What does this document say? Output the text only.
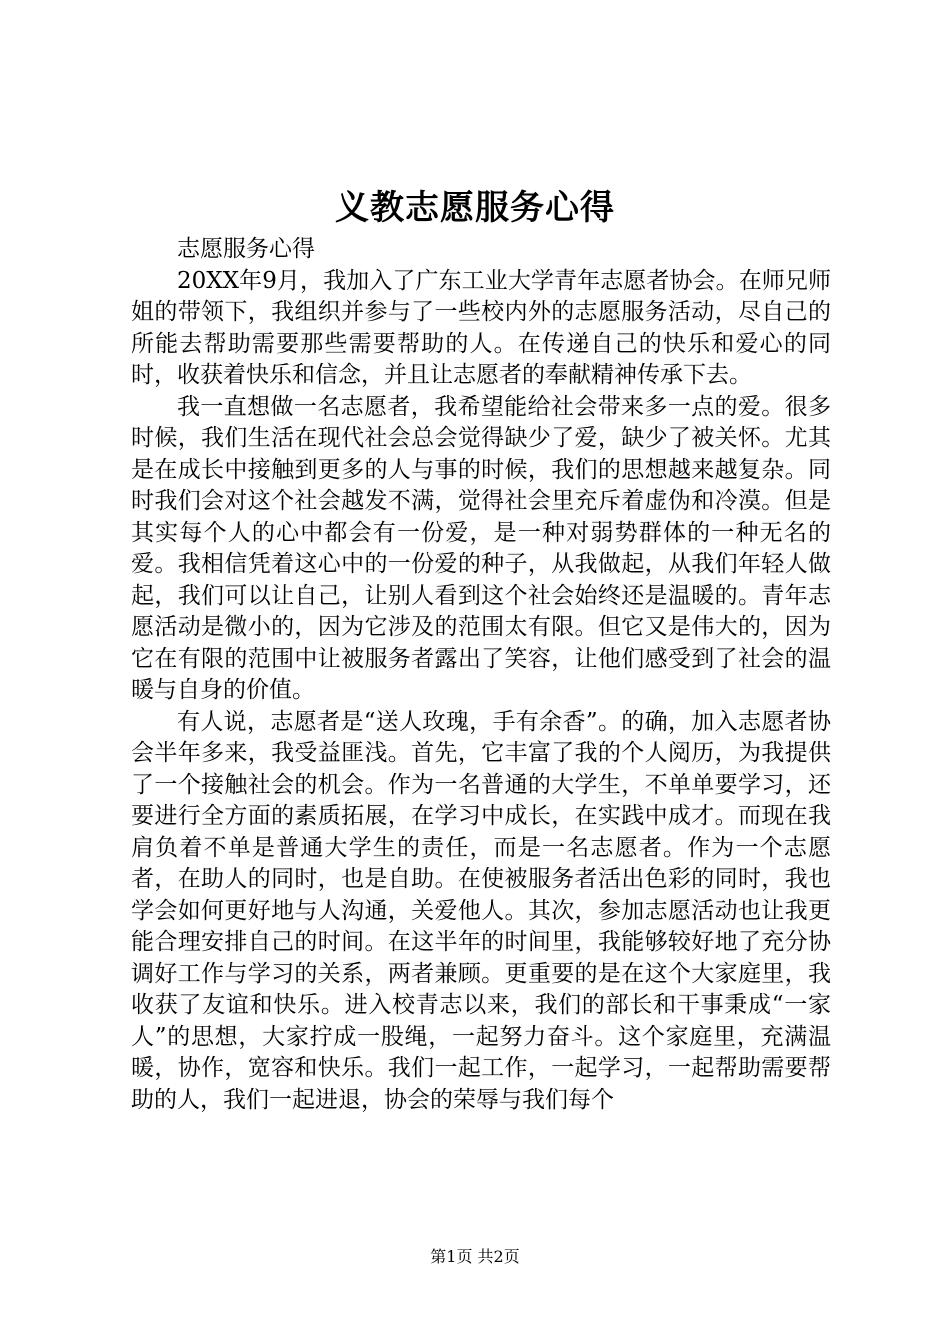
义教志愿服务心得

志愿服务心得

20XX年9月，我加入了广东工业大学青年志愿者协会。在师兄师姐的带领下，我组织并参与了一些校内外的志愿服务活动，尽自己的所能去帮助需要那些需要帮助的人。在传递自己的快乐和爱心的同时，收获着快乐和信念，并且让志愿者的奉献精神传承下去。

我一直想做一名志愿者，我希望能给社会带来多一点的爱。很多时候，我们生活在现代社会总会觉得缺少了爱，缺少了被关怀。尤其是在成长中接触到更多的人与事的时候，我们的思想越来越复杂。同时我们会对这个社会越发不满，觉得社会里充斥着虚伪和冷漠。但是其实每个人的心中都会有一份爱，是一种对弱势群体的一种无名的爱。我相信凭着这心中的一份爱的种子，从我做起，从我们年轻人做起，我们可以让自己，让别人看到这个社会始终还是温暖的。青年志愿活动是微小的，因为它涉及的范围太有限。但它又是伟大的，因为它在有限的范围中让被服务者露出了笑容，让他们感受到了社会的温暖与自身的价值。

有人说，志愿者是“送人玫瑰，手有余香”。的确，加入志愿者协会半年多来，我受益匪浅。首先，它丰富了我的个人阅历，为我提供了一个接触社会的机会。作为一名普通的大学生，不单单要学习，还要进行全方面的素质拓展，在学习中成长，在实践中成才。而现在我肩负着不单是普通大学生的责任，而是一名志愿者。作为一个志愿者，在助人的同时，也是自助。在使被服务者活出色彩的同时，我也学会如何更好地与人沟通，关爱他人。其次，参加志愿活动也让我更能合理安排自己的时间。在这半年的时间里，我能够较好地了充分协调好工作与学习的关系，两者兼顾。更重要的是在这个大家庭里，我收获了友谊和快乐。进入校青志以来，我们的部长和干事秉成“一家人”的思想，大家拧成一股绳，一起努力奋斗。这个家庭里，充满温暖，协作，宽容和快乐。我们一起工作，一起学习，一起帮助需要帮助的人，我们一起进退，协会的荣辱与我们每个

第1页 共2页
